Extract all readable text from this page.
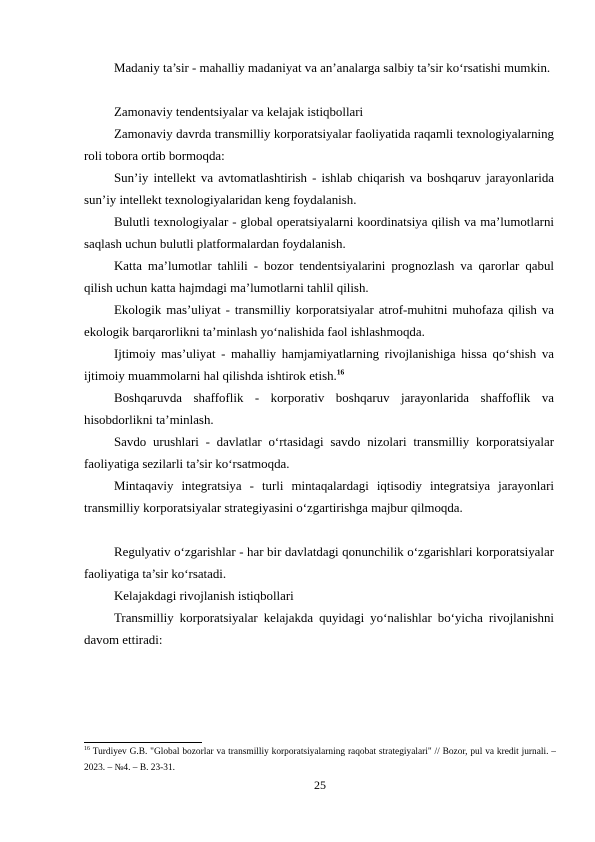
Madaniy ta’sir - mahalliy madaniyat va an’analarga salbiy ta’sir ko‘rsatishi mumkin.

Zamonaviy tendentsiyalar va kelajak istiqbollari

Zamonaviy davrda transmilliy korporatsiyalar faoliyatida raqamli texnologiyalarning roli tobora ortib bormoqda:

Sun’iy intellekt va avtomatlashtirish - ishlab chiqarish va boshqaruv jarayonlarida sun’iy intellekt texnologiyalaridan keng foydalanish.

Bulutli texnologiyalar - global operatsiyalarni koordinatsiya qilish va ma’lumotlarni saqlash uchun bulutli platformalardan foydalanish.

Katta ma’lumotlar tahlili - bozor tendentsiyalarini prognozlash va qarorlar qabul qilish uchun katta hajmdagi ma’lumotlarni tahlil qilish.

Ekologik mas’uliyat - transmilliy korporatsiyalar atrof-muhitni muhofaza qilish va ekologik barqarorlikni ta’minlash yo‘nalishida faol ishlashmoqda.

Ijtimoiy mas’uliyat - mahalliy hamjamiyatlarning rivojlanishiga hissa qo‘shish va ijtimoiy muammolarni hal qilishda ishtirok etish.$^{16}$

Boshqaruvda shaffoflik - korporativ boshqaruv jarayonlarida shaffoflik va hisobdorlikni ta’minlash.

Savdo urushlari - davlatlar o‘rtasidagi savdo nizolari transmilliy korporatsiyalar faoliyatiga sezilarli ta’sir ko‘rsatmoqda.

Mintaqaviy integratsiya - turli mintaqalardagi iqtisodiy integratsiya jarayonlari transmilliy korporatsiyalar strategiyasini o‘zgartirishga majbur qilmoqda.

Regulyativ o‘zgarishlar - har bir davlatdagi qonunchilik o‘zgarishlari korporatsiyalar faoliyatiga ta’sir ko‘rsatadi.

Kelajakdagi rivojlanish istiqbollari

Transmilliy korporatsiyalar kelajakda quyidagi yo‘nalishlar bo‘yicha rivojlanishni davom ettiradi:

$^{16}$ Turdiyev G.B. "Global bozorlar va transmilliy korporatsiyalarning raqobat strategiyalari" // Bozor, pul va kredit jurnali. – 2023. – №4. – B. 23-31.

25
